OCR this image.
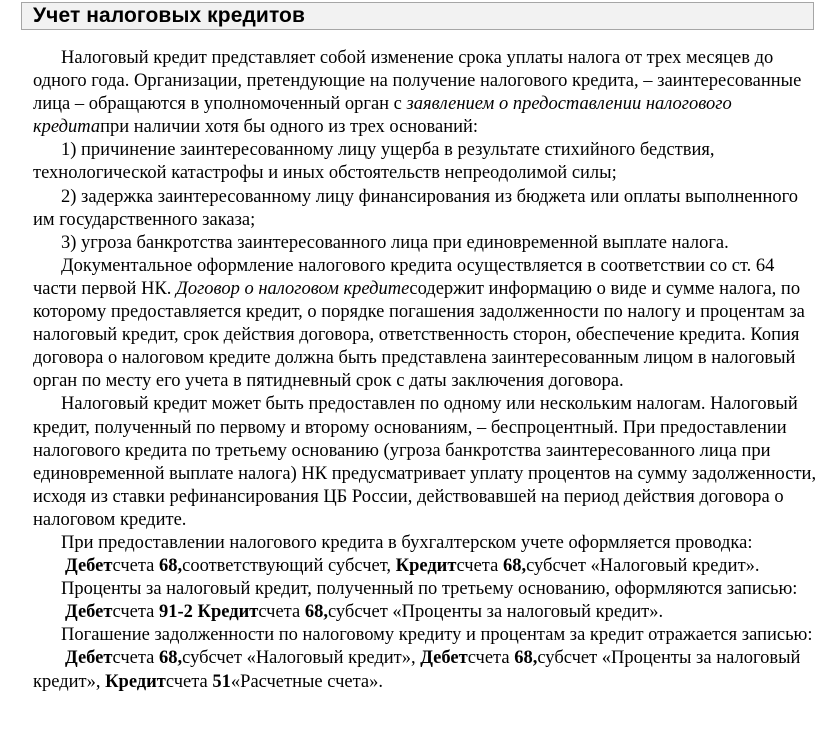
Учет налоговых кредитов

Налоговый кредит представляет собой изменение срока уплаты налога от трех месяцев до одного года. Организации, претендующие на получение налогового кредита, – заинтересованные лица – обращаются в уполномоченный орган с заявлением о предоставлении налогового кредитапри наличии хотя бы одного из трех оснований:

1) причинение заинтересованному лицу ущерба в результате стихийного бедствия, технологической катастрофы и иных обстоятельств непреодолимой силы;

2) задержка заинтересованному лицу финансирования из бюджета или оплаты выполненного им государственного заказа;

3) угроза банкротства заинтересованного лица при единовременной выплате налога.

Документальное оформление налогового кредита осуществляется в соответствии со ст. 64 части первой НК. Договор о налоговом кредитесодержит информацию о виде и сумме налога, по которому предоставляется кредит, о порядке погашения задолженности по налогу и процентам за налоговый кредит, срок действия договора, ответственность сторон, обеспечение кредита. Копия договора о налоговом кредите должна быть представлена заинтересованным лицом в налоговый орган по месту его учета в пятидневный срок с даты заключения договора.

Налоговый кредит может быть предоставлен по одному или нескольким налогам. Налоговый кредит, полученный по первому и второму основаниям, – беспроцентный. При предоставлении налогового кредита по третьему основанию (угроза банкротства заинтересованного лица при единовременной выплате налога) НК предусматривает уплату процентов на сумму задолженности, исходя из ставки рефинансирования ЦБ России, действовавшей на период действия договора о налоговом кредите.

При предоставлении налогового кредита в бухгалтерском учете оформляется проводка:

Дебетсчета 68,соответствующий субсчет, Кредитсчета 68,субсчет «Налоговый кредит».

Проценты за налоговый кредит, полученный по третьему основанию, оформляются записью:

Дебетсчета 91-2 Кредитсчета 68,субсчет «Проценты за налоговый кредит».

Погашение задолженности по налоговому кредиту и процентам за кредит отражается записью:

Дебетсчета 68,субсчет «Налоговый кредит», Дебетсчета 68,субсчет «Проценты за налоговый кредит», Кредитсчета 51«Расчетные счета».
